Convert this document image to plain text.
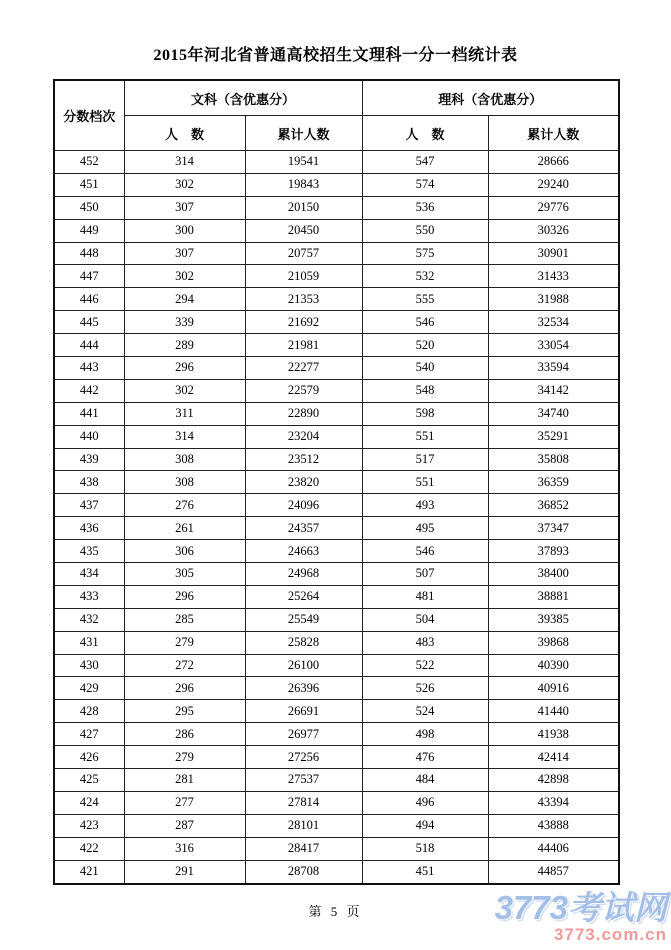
2015年河北省普通高校招生文理科一分一档统计表
分数档次	文科（含优惠分）		理科（含优惠分）	
	人　数	累计人数	人　数	累计人数
452	314	19541	547	28666
451	302	19843	574	29240
450	307	20150	536	29776
449	300	20450	550	30326
448	307	20757	575	30901
447	302	21059	532	31433
446	294	21353	555	31988
445	339	21692	546	32534
444	289	21981	520	33054
443	296	22277	540	33594
442	302	22579	548	34142
441	311	22890	598	34740
440	314	23204	551	35291
439	308	23512	517	35808
438	308	23820	551	36359
437	276	24096	493	36852
436	261	24357	495	37347
435	306	24663	546	37893
434	305	24968	507	38400
433	296	25264	481	38881
432	285	25549	504	39385
431	279	25828	483	39868
430	272	26100	522	40390
429	296	26396	526	40916
428	295	26691	524	41440
427	286	26977	498	41938
426	279	27256	476	42414
425	281	27537	484	42898
424	277	27814	496	43394
423	287	28101	494	43888
422	316	28417	518	44406
421	291	28708	451	44857
第 5 页	3773考试网
3773.com.cn
